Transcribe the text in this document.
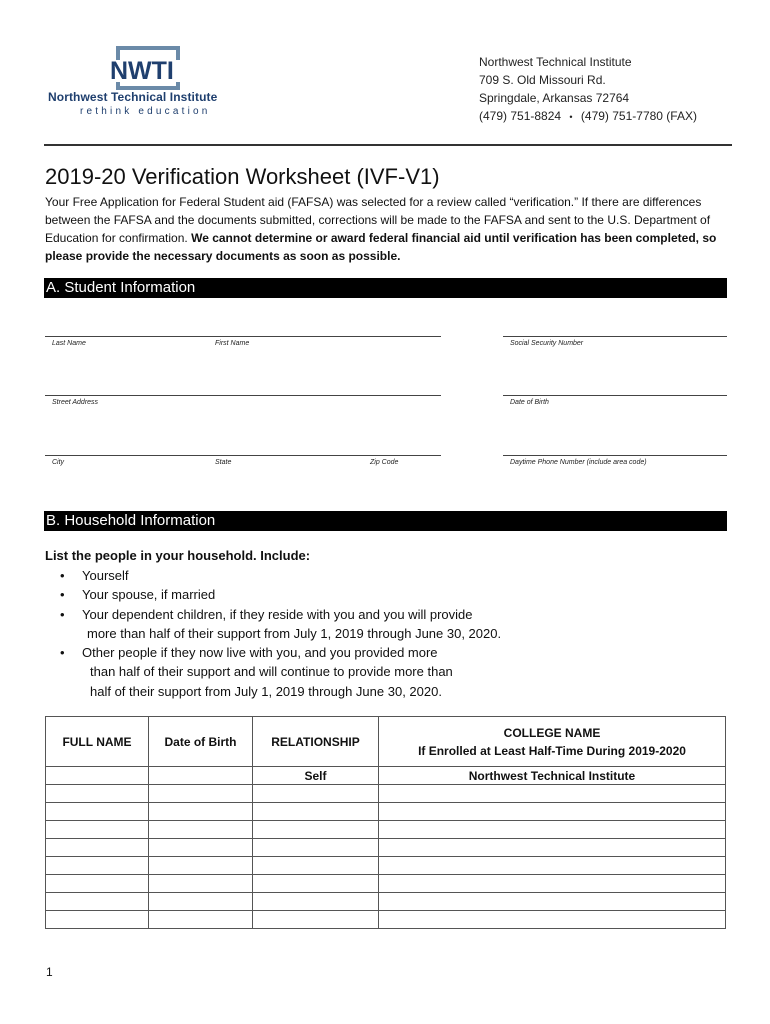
NWTI
Northwest Technical Institute
rethink education
Northwest Technical Institute
709 S. Old Missouri Rd.
Springdale, Arkansas 72764
(479) 751-8824 • (479) 751-7780 (FAX)
2019-20 Verification Worksheet (IVF-V1)
Your Free Application for Federal Student aid (FAFSA) was selected for a review called “verification.” If there are differences between the FAFSA and the documents submitted, corrections will be made to the FAFSA and sent to the U.S. Department of Education for confirmation. We cannot determine or award federal financial aid until verification has been completed, so please provide the necessary documents as soon as possible.
A. Student Information
Last Name	First Name	Social Security Number
Street Address	Date of Birth
City	State	Zip Code	Daytime Phone Number (include area code)
B. Household Information
List the people in your household. Include:
• Yourself
• Your spouse, if married
• Your dependent children, if they reside with you and you will provide
more than half of their support from July 1, 2019 through June 30, 2020.
• Other people if they now live with you, and you provided more
than half of their support and will continue to provide more than
half of their support from July 1, 2019 through June 30, 2020.
FULL NAME	Date of Birth	RELATIONSHIP	COLLEGE NAME
If Enrolled at Least Half-Time During 2019-2020

		Self	Northwest Technical Institute

1
